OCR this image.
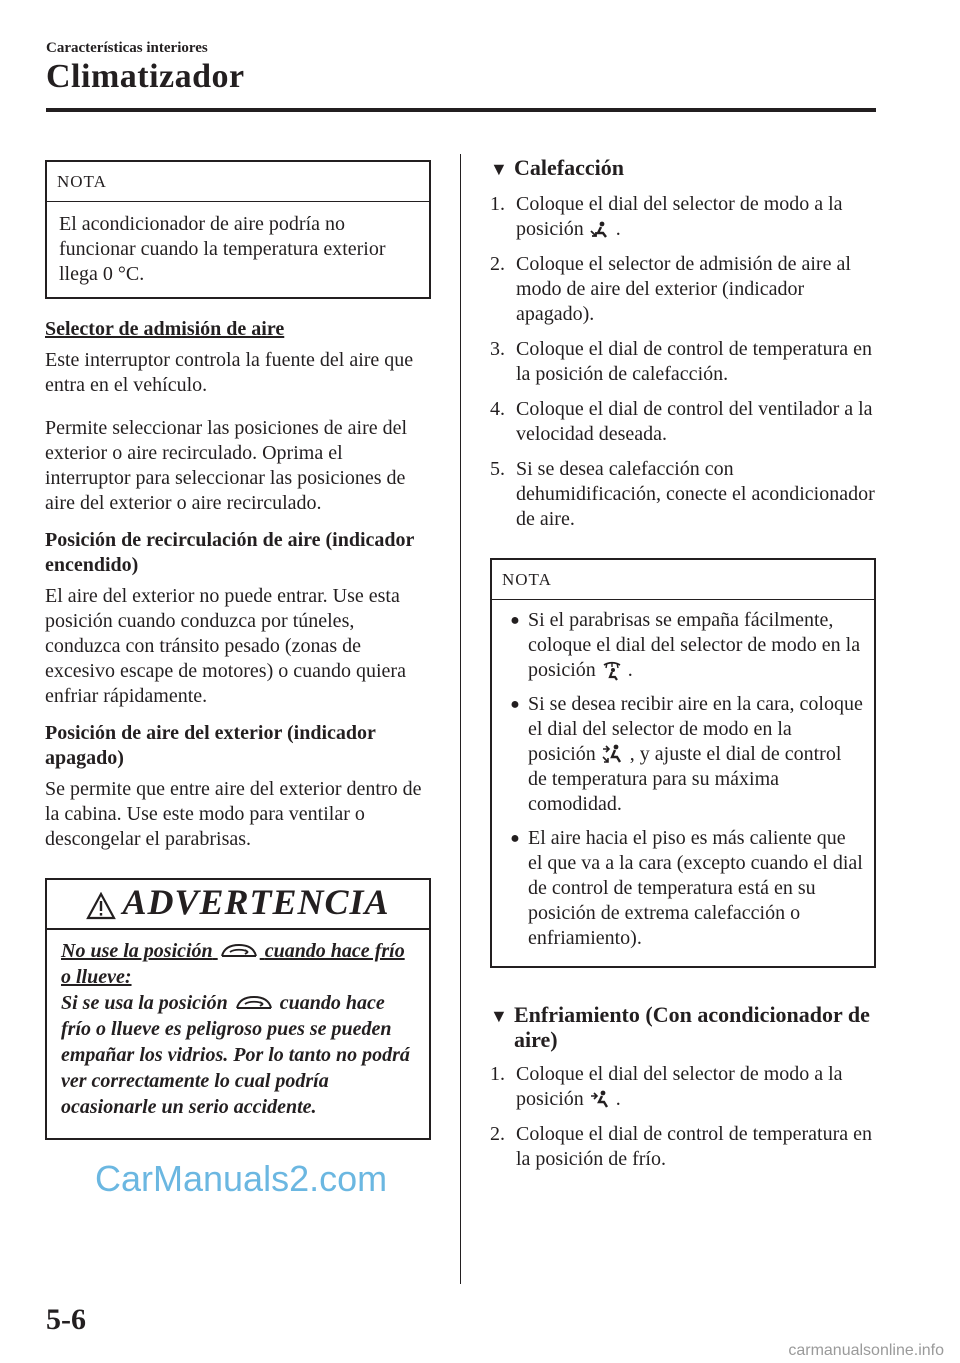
Características interiores
Climatizador
NOTA
El acondicionador de aire podría no funcionar cuando la temperatura exterior llega 0 °C.
Selector de admisión de aire

Este interruptor controla la fuente del aire que entra en el vehículo.

Permite seleccionar las posiciones de aire del exterior o aire recirculado. Oprima el interruptor para seleccionar las posiciones de aire del exterior o aire recirculado.

Posición de recirculación de aire (indicador encendido)

El aire del exterior no puede entrar. Use esta posición cuando conduzca por túneles, conduzca con tránsito pesado (zonas de excesivo escape de motores) o cuando quiera enfriar rápidamente.

Posición de aire del exterior (indicador apagado)

Se permite que entre aire del exterior dentro de la cabina. Use este modo para ventilar o descongelar el parabrisas.

ADVERTENCIA
No use la posición	cuando hace frío o llueve:
Si se usa la posición	cuando hace frío o llueve es peligroso pues se pueden empañar los vidrios. Por lo tanto no podrá ver correctamente lo cual podría ocasionarle un serio accidente.
▼ Calefacción
1. Coloque el dial del selector de modo a la posición .
2. Coloque el selector de admisión de aire al modo de aire del exterior (indicador apagado).
3. Coloque el dial de control de temperatura en la posición de calefacción.
4. Coloque el dial de control del ventilador a la velocidad deseada.
5. Si se desea calefacción con dehumidificación, conecte el acondicionador de aire.
NOTA
● Si el parabrisas se empaña fácilmente, coloque el dial del selector de modo en la posición .
● Si se desea recibir aire en la cara, coloque el dial del selector de modo en la posición , y ajuste el dial de control de temperatura para su máxima comodidad.
● El aire hacia el piso es más caliente que el que va a la cara (excepto cuando el dial de control de temperatura está en su posición de extrema calefacción o enfriamiento).
▼ Enfriamiento (Con acondicionador de aire)
1. Coloque el dial del selector de modo a la posición .
2. Coloque el dial de control de temperatura en la posición de frío.
5-6
CarManuals2.com
carmanualsonline.info
